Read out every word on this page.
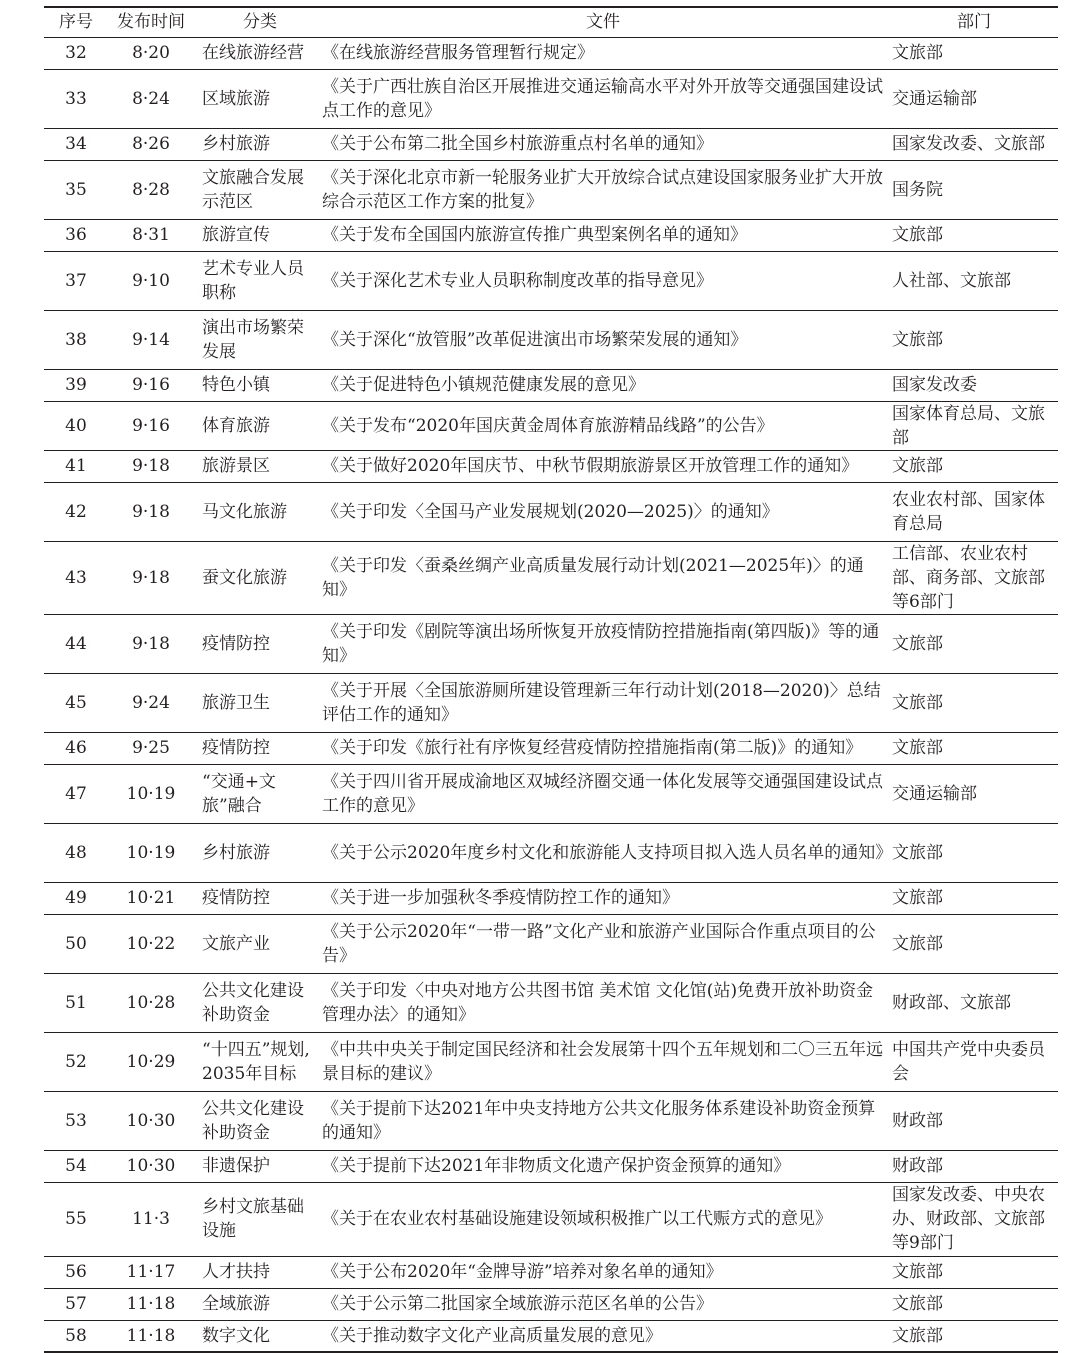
序号	发布时间	分类	文件	部门
32	8·20	在线旅游经营	《在线旅游经营服务管理暂行规定》	文旅部
33	8·24	区域旅游	《关于广西壮族自治区开展推进交通运输高水平对外开放等交通强国建设试点工作的意见》	交通运输部
34	8·26	乡村旅游	《关于公布第二批全国乡村旅游重点村名单的通知》	国家发改委、文旅部
35	8·28	文旅融合发展示范区	《关于深化北京市新一轮服务业扩大开放综合试点建设国家服务业扩大开放综合示范区工作方案的批复》	国务院
36	8·31	旅游宣传	《关于发布全国国内旅游宣传推广典型案例名单的通知》	文旅部
37	9·10	艺术专业人员职称	《关于深化艺术专业人员职称制度改革的指导意见》	人社部、文旅部
38	9·14	演出市场繁荣发展	《关于深化“放管服”改革促进演出市场繁荣发展的通知》	文旅部
39	9·16	特色小镇	《关于促进特色小镇规范健康发展的意见》	国家发改委
40	9·16	体育旅游	《关于发布“2020年国庆黄金周体育旅游精品线路”的公告》	国家体育总局、文旅部
41	9·18	旅游景区	《关于做好2020年国庆节、中秋节假期旅游景区开放管理工作的通知》	文旅部
42	9·18	马文化旅游	《关于印发〈全国马产业发展规划(2020—2025)〉的通知》	农业农村部、国家体育总局
43	9·18	蚕文化旅游	《关于印发〈蚕桑丝绸产业高质量发展行动计划(2021—2025年)〉的通知》	工信部、农业农村部、商务部、文旅部等6部门
44	9·18	疫情防控	《关于印发《剧院等演出场所恢复开放疫情防控措施指南(第四版)》等的通知》	文旅部
45	9·24	旅游卫生	《关于开展〈全国旅游厕所建设管理新三年行动计划(2018—2020)〉总结评估工作的通知》	文旅部
46	9·25	疫情防控	《关于印发《旅行社有序恢复经营疫情防控措施指南(第二版)》的通知》	文旅部
47	10·19	“交通+文旅”融合	《关于四川省开展成渝地区双城经济圈交通一体化发展等交通强国建设试点工作的意见》	交通运输部
48	10·19	乡村旅游	《关于公示2020年度乡村文化和旅游能人支持项目拟入选人员名单的通知》	文旅部
49	10·21	疫情防控	《关于进一步加强秋冬季疫情防控工作的通知》	文旅部
50	10·22	文旅产业	《关于公示2020年“一带一路”文化产业和旅游产业国际合作重点项目的公告》	文旅部
51	10·28	公共文化建设补助资金	《关于印发〈中央对地方公共图书馆 美术馆 文化馆(站)免费开放补助资金管理办法〉的通知》	财政部、文旅部
52	10·29	“十四五”规划,2035年目标	《中共中央关于制定国民经济和社会发展第十四个五年规划和二〇三五年远景目标的建议》	中国共产党中央委员会
53	10·30	公共文化建设补助资金	《关于提前下达2021年中央支持地方公共文化服务体系建设补助资金预算的通知》	财政部
54	10·30	非遗保护	《关于提前下达2021年非物质文化遗产保护资金预算的通知》	财政部
55	11·3	乡村文旅基础设施	《关于在农业农村基础设施建设领域积极推广以工代赈方式的意见》	国家发改委、中央农办、财政部、文旅部等9部门
56	11·17	人才扶持	《关于公布2020年“金牌导游”培养对象名单的通知》	文旅部
57	11·18	全域旅游	《关于公示第二批国家全域旅游示范区名单的公告》	文旅部
58	11·18	数字文化	《关于推动数字文化产业高质量发展的意见》	文旅部
